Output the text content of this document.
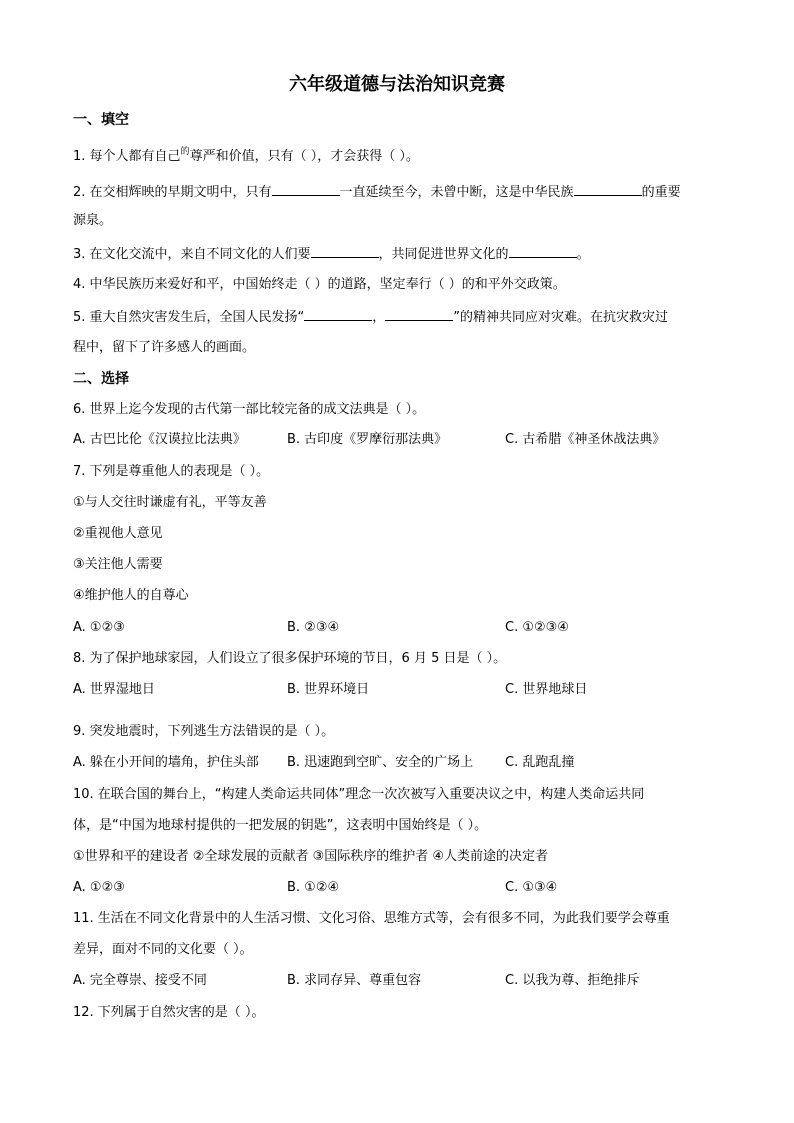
六年级道德与法治知识竞赛
一、填空
1. 每个人都有自己$^的$尊严和价值，只有（ ），才会获得（ ）。
2. 在交相辉映的早期文明中，只有	一直延续至今，未曾中断，这是中华民族	的重要
源泉。
3. 在文化交流中，来自不同文化的人们要	，共同促进世界文化的	。
4. 中华民族历来爱好和平，中国始终走（ ）的道路，坚定奉行（ ）的和平外交政策。
5. 重大自然灾害发生后，全国人民发扬“	，	”的精神共同应对灾难。在抗灾救灾过
程中，留下了许多感人的画面。
二、选择
6. 世界上迄今发现的古代第一部比较完备的成文法典是（ ）。
A. 古巴比伦《汉谟拉比法典》	B. 古印度《罗摩衍那法典》	C. 古希腊《神圣休战法典》
7. 下列是尊重他人的表现是（ ）。
①与人交往时谦虚有礼，平等友善
②重视他人意见
③关注他人需要
④维护他人的自尊心
A. ①②③	B. ②③④	C. ①②③④
8. 为了保护地球家园，人们设立了很多保护环境的节日，6 月 5 日是（ ）。
A. 世界湿地日	B. 世界环境日	C. 世界地球日
9. 突发地震时，下列逃生方法错误的是（ ）。
A. 躲在小开间的墙角，护住头部 B. 迅速跑到空旷、安全的广场上 C. 乱跑乱撞
10. 在联合国的舞台上，“构建人类命运共同体”理念一次次被写入重要决议之中，构建人类命运共同
体，是“中国为地球村提供的一把发展的钥匙”，这表明中国始终是（ ）。
①世界和平的建设者 ②全球发展的贡献者 ③国际秩序的维护者 ④人类前途的决定者
A. ①②③	B. ①②④	C. ①③④
11. 生活在不同文化背景中的人生活习惯、文化习俗、思维方式等，会有很多不同，为此我们要学会尊重
差异，面对不同的文化要（ ）。
A. 完全尊崇、接受不同	B. 求同存异、尊重包容	C. 以我为尊、拒绝排斥
12. 下列属于自然灾害的是（ ）。
